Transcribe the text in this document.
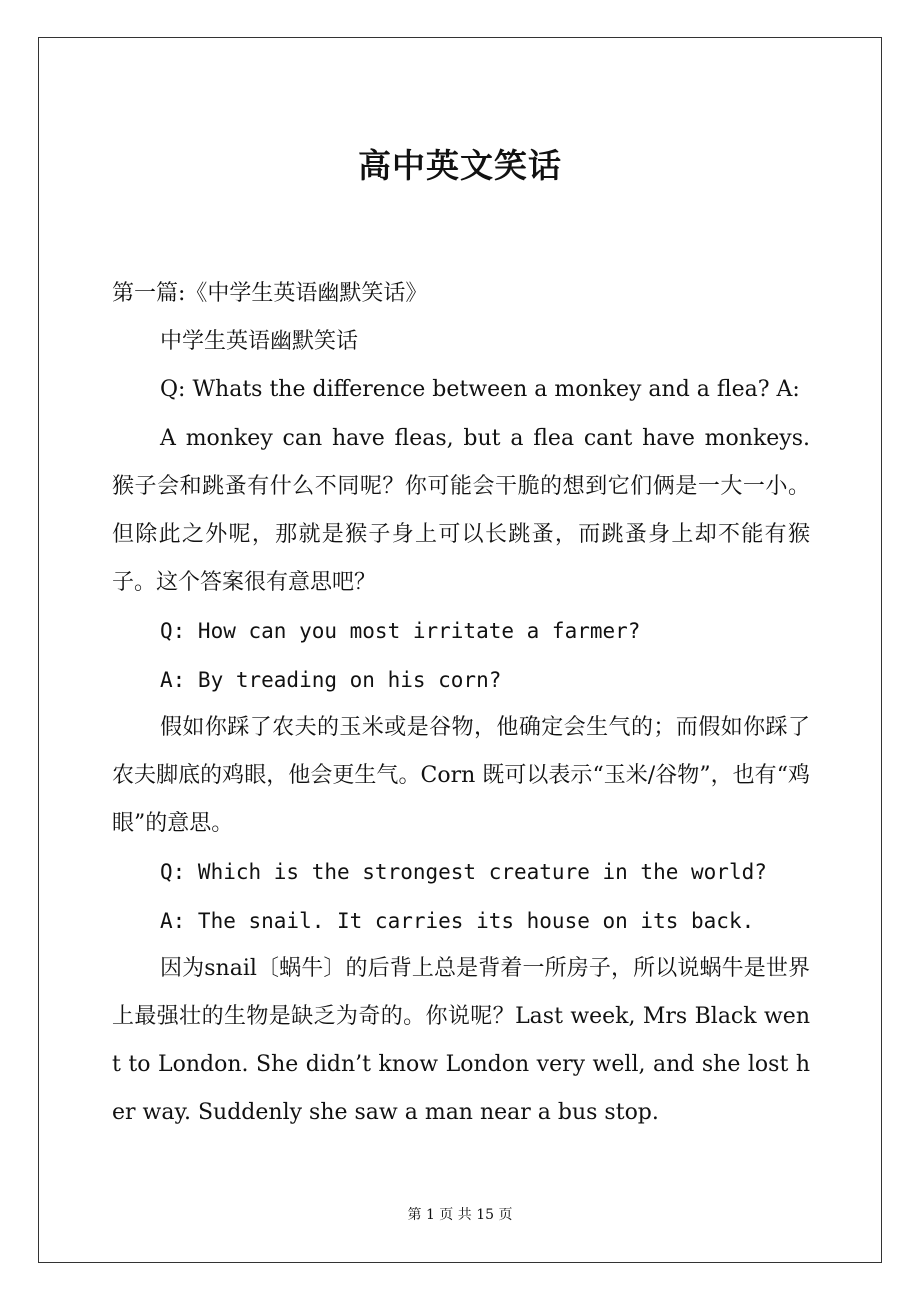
高中英文笑话

第一篇:《中学生英语幽默笑话》

中学生英语幽默笑话

Q: Whats the difference between a monkey and a flea? A:

A monkey can have fleas, but a flea cant have monkeys. 猴子会和跳蚤有什么不同呢？你可能会干脆的想到它们俩是一大一小。但除此之外呢，那就是猴子身上可以长跳蚤，而跳蚤身上却不能有猴子。这个答案很有意思吧？

Q: How can you most irritate a farmer?

A: By treading on his corn?

假如你踩了农夫的玉米或是谷物，他确定会生气的；而假如你踩了农夫脚底的鸡眼，他会更生气。Corn 既可以表示“玉米/谷物”，也有“鸡眼”的意思。

Q: Which is the strongest creature in the world?

A: The snail. It carries its house on its back.

因为snail〔蜗牛〕的后背上总是背着一所房子，所以说蜗牛是世界上最强壮的生物是缺乏为奇的。你说呢？Last week, Mrs Black went to London. She didn’t know London very well, and she lost her way. Suddenly she saw a man near a bus stop.

第 1 页 共 15 页
